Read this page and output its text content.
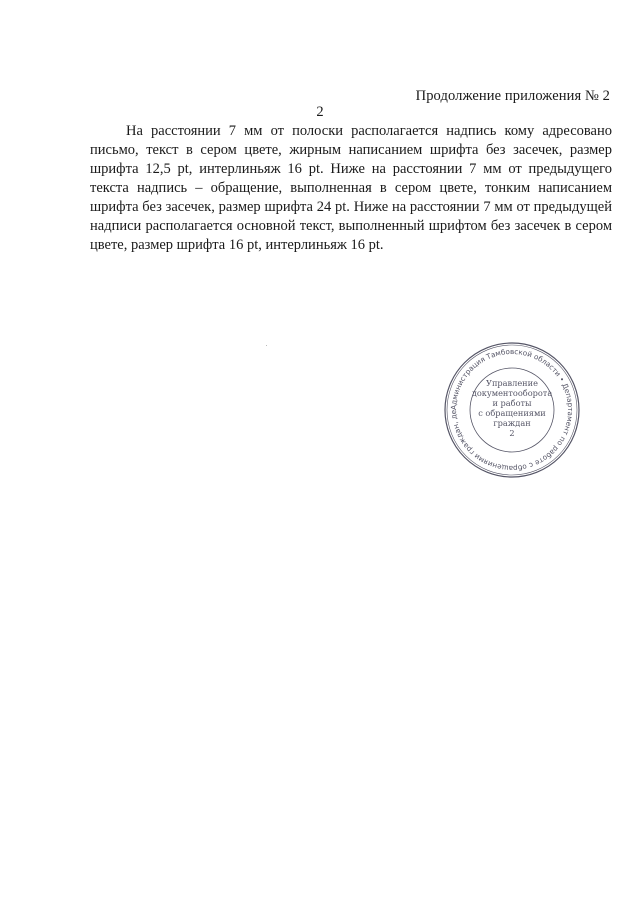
Продолжение приложения № 2
2
На расстоянии 7 мм от полоски располагается надпись кому адресовано письмо, текст в сером цвете, жирным написанием шрифта без засечек, размер шрифта 12,5 pt, интерлиньяж 16 pt. Ниже на расстоянии 7 мм от предыдущего текста надпись – обращение, выполненная в сером цвете, тонким написанием шрифта без засечек, размер шрифта 24 pt. Ниже на расстоянии 7 мм от предыдущей надписи располагается основной текст, выполненный шрифтом без засечек в сером цвете, размер шрифта 16 pt, интерлиньяж 16 pt.
Администрация Тамбовской области • Департамент по работе с обращениями граждан, де
Управление
документооборота
и работы
с обращениями
граждан
2
